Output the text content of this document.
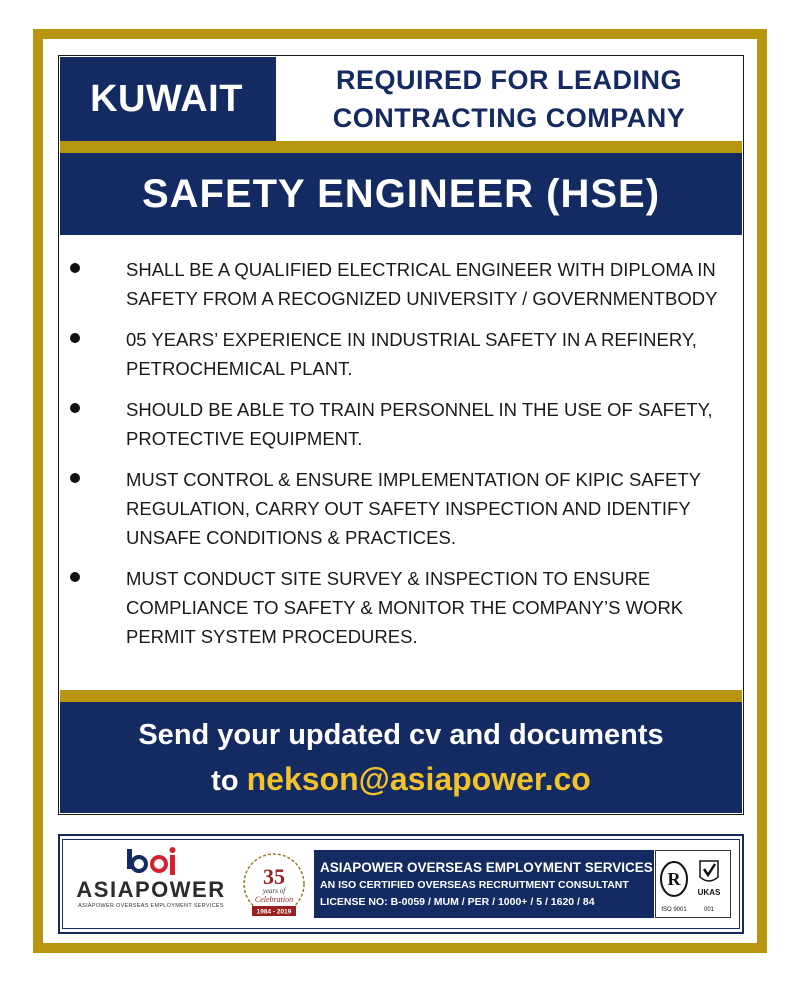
KUWAIT	REQUIRED FOR LEADING
CONTRACTING COMPANY
SAFETY ENGINEER (HSE)
SHALL BE A QUALIFIED ELECTRICAL ENGINEER WITH DIPLOMA IN SAFETY FROM A RECOGNIZED UNIVERSITY / GOVERNMENTBODY
05 YEARS’ EXPERIENCE IN INDUSTRIAL SAFETY IN A REFINERY, PETROCHEMICAL PLANT.
SHOULD BE ABLE TO TRAIN PERSONNEL IN THE USE OF SAFETY, PROTECTIVE EQUIPMENT.
MUST CONTROL & ENSURE IMPLEMENTATION OF KIPIC SAFETY REGULATION, CARRY OUT SAFETY INSPECTION AND IDENTIFY UNSAFE CONDITIONS & PRACTICES.
MUST CONDUCT SITE SURVEY & INSPECTION TO ENSURE COMPLIANCE TO SAFETY & MONITOR THE COMPANY’S WORK PERMIT SYSTEM PROCEDURES.
Send your updated cv and documents
to nekson@asiapower.co
ASIAPOWER
ASIAPOWER OVERSEAS EMPLOYMENT SERVICES
35
years of
Celebration
1984 - 2019
ASIAPOWER OVERSEAS EMPLOYMENT SERVICES
AN ISO CERTIFIED OVERSEAS RECRUITMENT CONSULTANT
LICENSE NO: B-0059 / MUM / PER / 1000+ / 5 / 1620 / 84
R
ISO 9001
UKAS
001
